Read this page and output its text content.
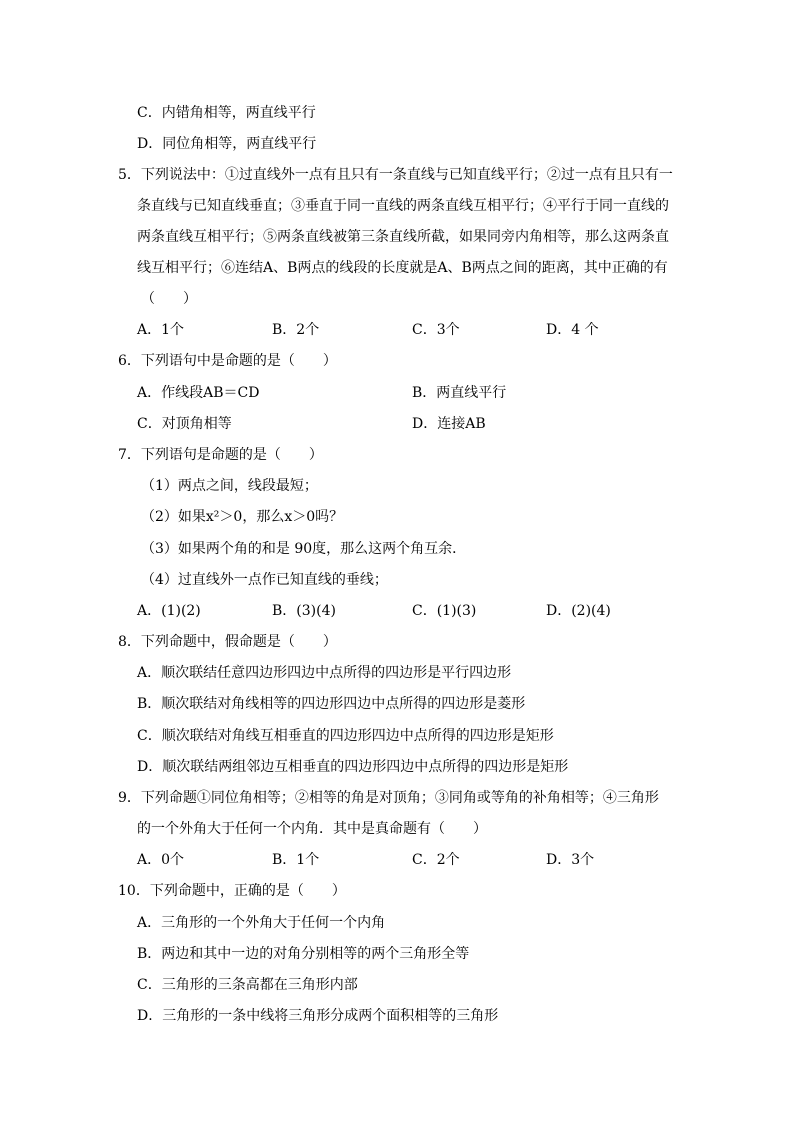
C．内错角相等，两直线平行
D．同位角相等，两直线平行
5．下列说法中：①过直线外一点有且只有一条直线与已知直线平行；②过一点有且只有一
条直线与已知直线垂直；③垂直于同一直线的两条直线互相平行；④平行于同一直线的
两条直线互相平行；⑤两条直线被第三条直线所截，如果同旁内角相等，那么这两条直
线互相平行；⑥连结A、B两点的线段的长度就是A、B两点之间的距离，其中正确的有
（　　）
A．1个	B．2个	C．3个	D．4 个
6．下列语句中是命题的是（　　）
A．作线段AB＝CD	B．两直线平行
C．对顶角相等	D．连接AB
7．下列语句是命题的是（　　）
（1）两点之间，线段最短；
（2）如果x²＞0，那么x＞0吗？
（3）如果两个角的和是 90度，那么这两个角互余．
（4）过直线外一点作已知直线的垂线；
A．(1)(2)	B．(3)(4)	C．(1)(3)	D．(2)(4)
8．下列命题中，假命题是（　　）
A．顺次联结任意四边形四边中点所得的四边形是平行四边形
B．顺次联结对角线相等的四边形四边中点所得的四边形是菱形
C．顺次联结对角线互相垂直的四边形四边中点所得的四边形是矩形
D．顺次联结两组邻边互相垂直的四边形四边中点所得的四边形是矩形
9．下列命题①同位角相等；②相等的角是对顶角；③同角或等角的补角相等；④三角形
的一个外角大于任何一个内角．其中是真命题有（　　）
A．0个	B．1个	C．2个	D．3个
10．下列命题中，正确的是（　　）
A．三角形的一个外角大于任何一个内角
B．两边和其中一边的对角分别相等的两个三角形全等
C．三角形的三条高都在三角形内部
D．三角形的一条中线将三角形分成两个面积相等的三角形
